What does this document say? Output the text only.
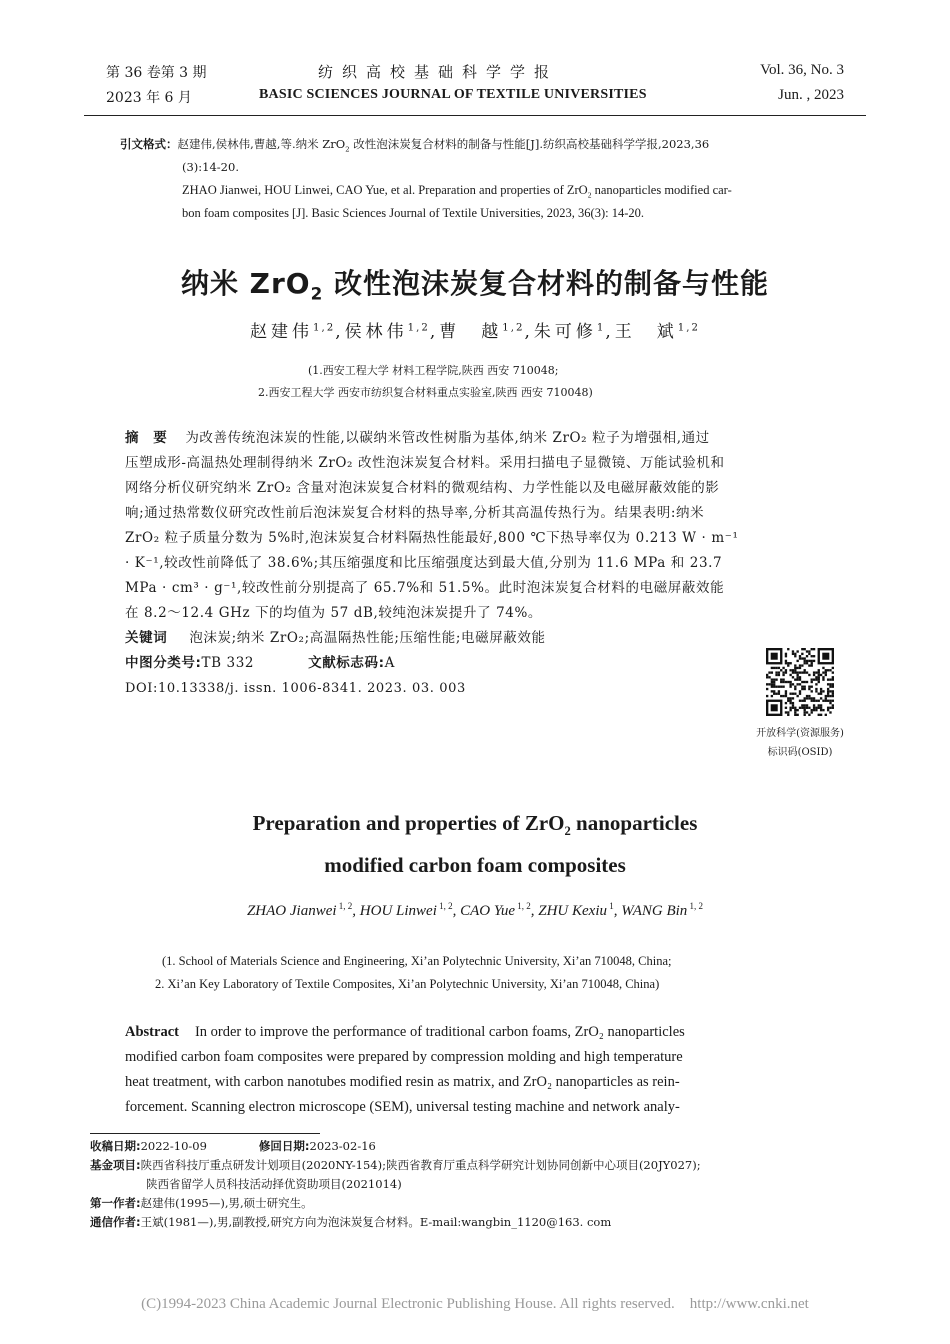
第 36 卷第 3 期
2023 年 6 月
纺织高校基础科学学报
BASIC SCIENCES JOURNAL OF TEXTILE UNIVERSITIES
Vol. 36, No. 3
Jun. , 2023
引文格式：赵建伟,侯林伟,曹越,等.纳米 ZrO$_2$ 改性泡沫炭复合材料的制备与性能[J].纺织高校基础科学学报,2023,36
(3):14-20.
ZHAO Jianwei, HOU Linwei, CAO Yue, et al. Preparation and properties of ZrO$_2$ nanoparticles modified car-
bon foam composites [J]. Basic Sciences Journal of Textile Universities, 2023, 36(3): 14-20.
纳米 ZrO$_2$ 改性泡沫炭复合材料的制备与性能
赵建伟$^{1,2}$,侯林伟$^{1,2}$,曹　越$^{1,2}$,朱可修$^1$,王　斌$^{1,2}$
(1.西安工程大学 材料工程学院,陕西 西安 710048;
2.西安工程大学 西安市纺织复合材料重点实验室,陕西 西安 710048)
摘　要 为改善传统泡沫炭的性能,以碳纳米管改性树脂为基体,纳米 ZrO₂ 粒子为增强相,通过
压塑成形-高温热处理制得纳米 ZrO₂ 改性泡沫炭复合材料。采用扫描电子显微镜、万能试验机和
网络分析仪研究纳米 ZrO₂ 含量对泡沫炭复合材料的微观结构、力学性能以及电磁屏蔽效能的影
响;通过热常数仪研究改性前后泡沫炭复合材料的热导率,分析其高温传热行为。结果表明:纳米
ZrO₂ 粒子质量分数为 5%时,泡沫炭复合材料隔热性能最好,800 ℃下热导率仅为 0.213 W · m⁻¹
· K⁻¹,较改性前降低了 38.6%;其压缩强度和比压缩强度达到最大值,分别为 11.6 MPa 和 23.7
MPa · cm³ · g⁻¹,较改性前分别提高了 65.7%和 51.5%。此时泡沫炭复合材料的电磁屏蔽效能
在 8.2～12.4 GHz 下的均值为 57 dB,较纯泡沫炭提升了 74%。
关键词 泡沫炭;纳米 ZrO₂;高温隔热性能;压缩性能;电磁屏蔽效能
中图分类号:TB 332	文献标志码:A
DOI:10.13338/j. issn. 1006-8341. 2023. 03. 003
开放科学(资源服务)
标识码(OSID)
Preparation and properties of ZrO$_2$ nanoparticles
modified carbon foam composites
ZHAO Jianwei $^{1, 2}$, HOU Linwei $^{1, 2}$, CAO Yue $^{1, 2}$, ZHU Kexiu $^1$, WANG Bin $^{1, 2}$
(1. School of Materials Science and Engineering, Xi’an Polytechnic University, Xi’an 710048, China;
2. Xi’an Key Laboratory of Textile Composites, Xi’an Polytechnic University, Xi’an 710048, China)
Abstract In order to improve the performance of traditional carbon foams, ZrO₂ nanoparticles
modified carbon foam composites were prepared by compression molding and high temperature
heat treatment, with carbon nanotubes modified resin as matrix, and ZrO₂ nanoparticles as rein-
forcement. Scanning electron microscope (SEM), universal testing machine and network analy-
收稿日期:2022-10-09	修回日期:2023-02-16
基金项目:陕西省科技厅重点研发计划项目(2020NY-154);陕西省教育厅重点科学研究计划协同创新中心项目(20JY027);
陕西省留学人员科技活动择优资助项目(2021014)
第一作者:赵建伟(1995—),男,硕士研究生。
通信作者:王斌(1981—),男,副教授,研究方向为泡沫炭复合材料。E-mail:wangbin_1120@163. com
(C)1994-2023 China Academic Journal Electronic Publishing House. All rights reserved.    http://www.cnki.net
